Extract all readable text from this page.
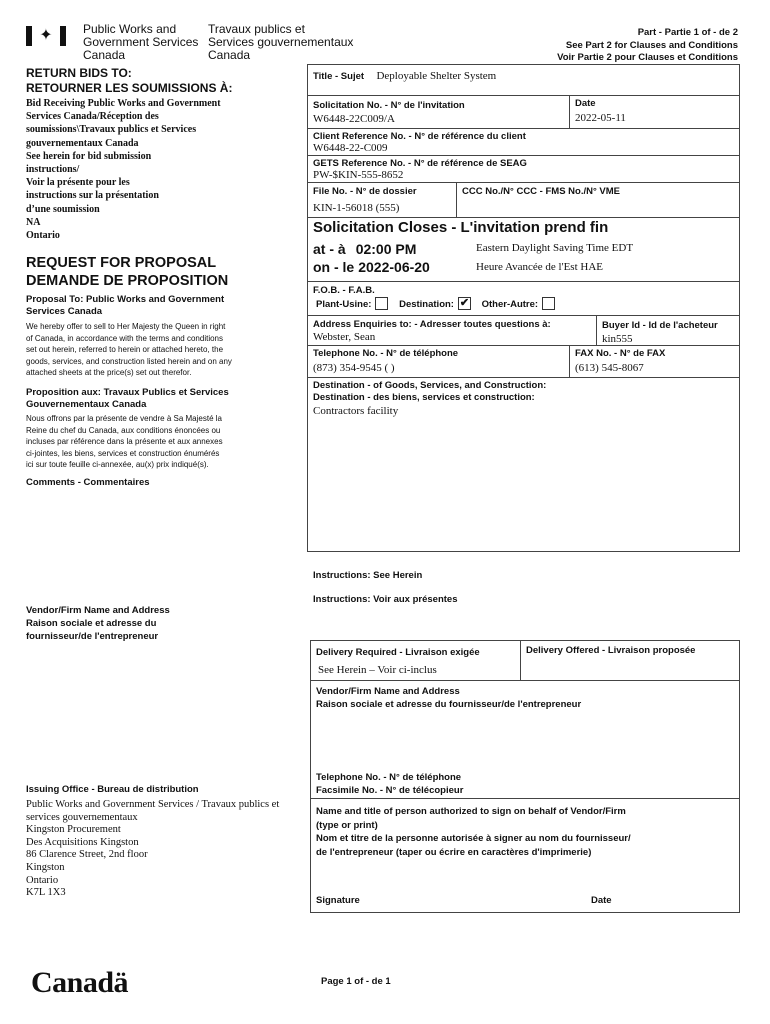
✦	Public Works and
Government Services
Canada
Travaux publics et
Services gouvernementaux
Canada
Part - Partie 1 of - de 2
See Part 2 for Clauses and Conditions
Voir Partie 2 pour Clauses et Conditions
RETURN BIDS TO:
RETOURNER LES SOUMISSIONS À:
Bid Receiving Public Works and Government
Services Canada/Réception des
soumissions\Travaux publics et Services
gouvernementaux Canada
See herein for bid submission
instructions/
Voir la présente pour les
instructions sur la présentation
d’une soumission
NA
Ontario
REQUEST FOR PROPOSAL
DEMANDE DE PROPOSITION
Proposal To: Public Works and Government
Services Canada
We hereby offer to sell to Her Majesty the Queen in right
of Canada, in accordance with the terms and conditions
set out herein, referred to herein or attached hereto, the
goods, services, and construction listed herein and on any
attached sheets at the price(s) set out therefor.
Proposition aux: Travaux Publics et Services
Gouvernementaux Canada
Nous offrons par la présente de vendre à Sa Majesté la
Reine du chef du Canada, aux conditions énoncées ou
incluses par référence dans la présente et aux annexes
ci-jointes, les biens, services et construction énumérés
ici sur toute feuille ci-annexée, au(x) prix indiqué(s).
Comments - Commentaires
Vendor/Firm Name and Address
Raison sociale et adresse du
fournisseur/de l'entrepreneur
Issuing Office - Bureau de distribution
Public Works and Government Services / Travaux publics et
services gouvernementaux
Kingston Procurement
Des Acquisitions Kingston
86 Clarence Street, 2nd floor
Kingston
Ontario
K7L 1X3
Title - Sujet Deployable Shelter System
Solicitation No. - N° de l'invitation
W6448-22C009/A
Date
2022-05-11
Client Reference No. - N° de référence du client
W6448-22-C009
GETS Reference No. - N° de référence de SEAG
PW-$KIN-555-8652
File No. - N° de dossier
KIN-1-56018 (555)
CCC No./N° CCC - FMS No./N° VME
Solicitation Closes - L'invitation prend fin
at - à 02:00 PM
on - le 2022-06-20
Eastern Daylight Saving Time EDT
Heure Avancée de l'Est HAE
F.O.B. - F.A.B.
Plant-Usine:	Destination: ✔ Other-Autre:
Address Enquiries to: - Adresser toutes questions à:
Webster, Sean
Buyer Id - Id de l'acheteur
kin555
Telephone No. - N° de téléphone
(873) 354-9545 ( )
FAX No. - N° de FAX
(613) 545-8067
Destination - of Goods, Services, and Construction:
Destination - des biens, services et construction:
Contractors facility
Instructions: See Herein
Instructions: Voir aux présentes
Delivery Required - Livraison exigée
See Herein – Voir ci-inclus
Delivery Offered - Livraison proposée
Vendor/Firm Name and Address
Raison sociale et adresse du fournisseur/de l'entrepreneur
Telephone No. - N° de téléphone
Facsimile No. - N° de télécopieur
Name and title of person authorized to sign on behalf of Vendor/Firm
(type or print)
Nom et titre de la personne autorisée à signer au nom du fournisseur/
de l'entrepreneur (taper ou écrire en caractères d'imprimerie)
Signature	Date
Canadä	Page 1 of - de 1
